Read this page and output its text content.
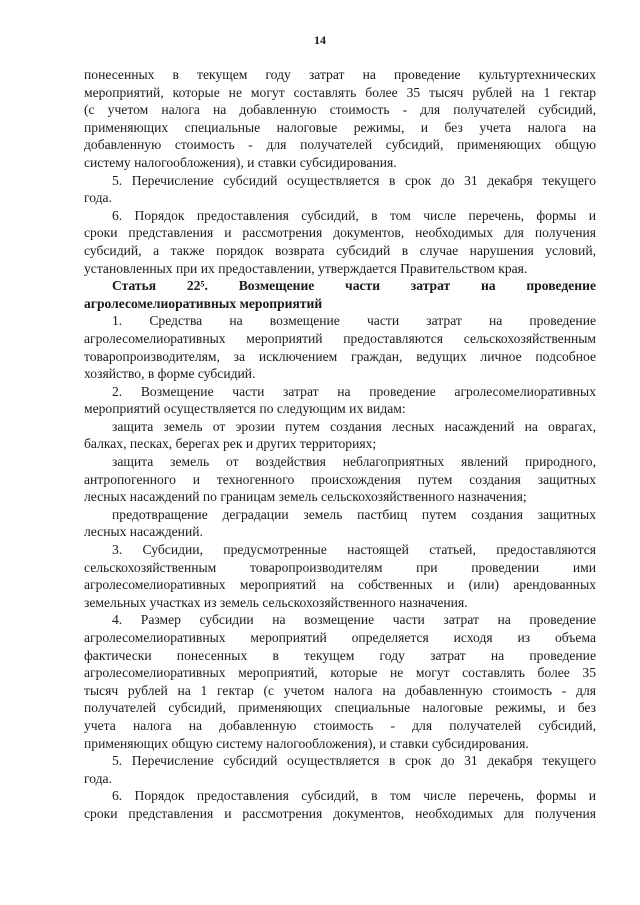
14
понесенных в текущем году затрат на проведение культуртехнических
мероприятий, которые не могут составлять более 35 тысяч рублей на 1 гектар
(с учетом налога на добавленную стоимость - для получателей субсидий,
применяющих специальные налоговые режимы, и без учета налога на
добавленную стоимость - для получателей субсидий, применяющих общую
систему налогообложения), и ставки субсидирования.
5. Перечисление субсидий осуществляется в срок до 31 декабря текущего
года.
6. Порядок предоставления субсидий, в том числе перечень, формы и
сроки представления и рассмотрения документов, необходимых для получения
субсидий, а также порядок возврата субсидий в случае нарушения условий,
установленных при их предоставлении, утверждается Правительством края.
Статья 22⁵. Возмещение части затрат на проведение
агролесомелиоративных мероприятий
1. Средства на возмещение части затрат на проведение
агролесомелиоративных мероприятий предоставляются сельскохозяйственным
товаропроизводителям, за исключением граждан, ведущих личное подсобное
хозяйство, в форме субсидий.
2. Возмещение части затрат на проведение агролесомелиоративных
мероприятий осуществляется по следующим их видам:
защита земель от эрозии путем создания лесных насаждений на оврагах,
балках, песках, берегах рек и других территориях;
защита земель от воздействия неблагоприятных явлений природного,
антропогенного и техногенного происхождения путем создания защитных
лесных насаждений по границам земель сельскохозяйственного назначения;
предотвращение деградации земель пастбищ путем создания защитных
лесных насаждений.
3. Субсидии, предусмотренные настоящей статьей, предоставляются
сельскохозяйственным товаропроизводителям при проведении ими
агролесомелиоративных мероприятий на собственных и (или) арендованных
земельных участках из земель сельскохозяйственного назначения.
4. Размер субсидии на возмещение части затрат на проведение
агролесомелиоративных мероприятий определяется исходя из объема
фактически понесенных в текущем году затрат на проведение
агролесомелиоративных мероприятий, которые не могут составлять более 35
тысяч рублей на 1 гектар (с учетом налога на добавленную стоимость - для
получателей субсидий, применяющих специальные налоговые режимы, и без
учета налога на добавленную стоимость - для получателей субсидий,
применяющих общую систему налогообложения), и ставки субсидирования.
5. Перечисление субсидий осуществляется в срок до 31 декабря текущего
года.
6. Порядок предоставления субсидий, в том числе перечень, формы и
сроки представления и рассмотрения документов, необходимых для получения
